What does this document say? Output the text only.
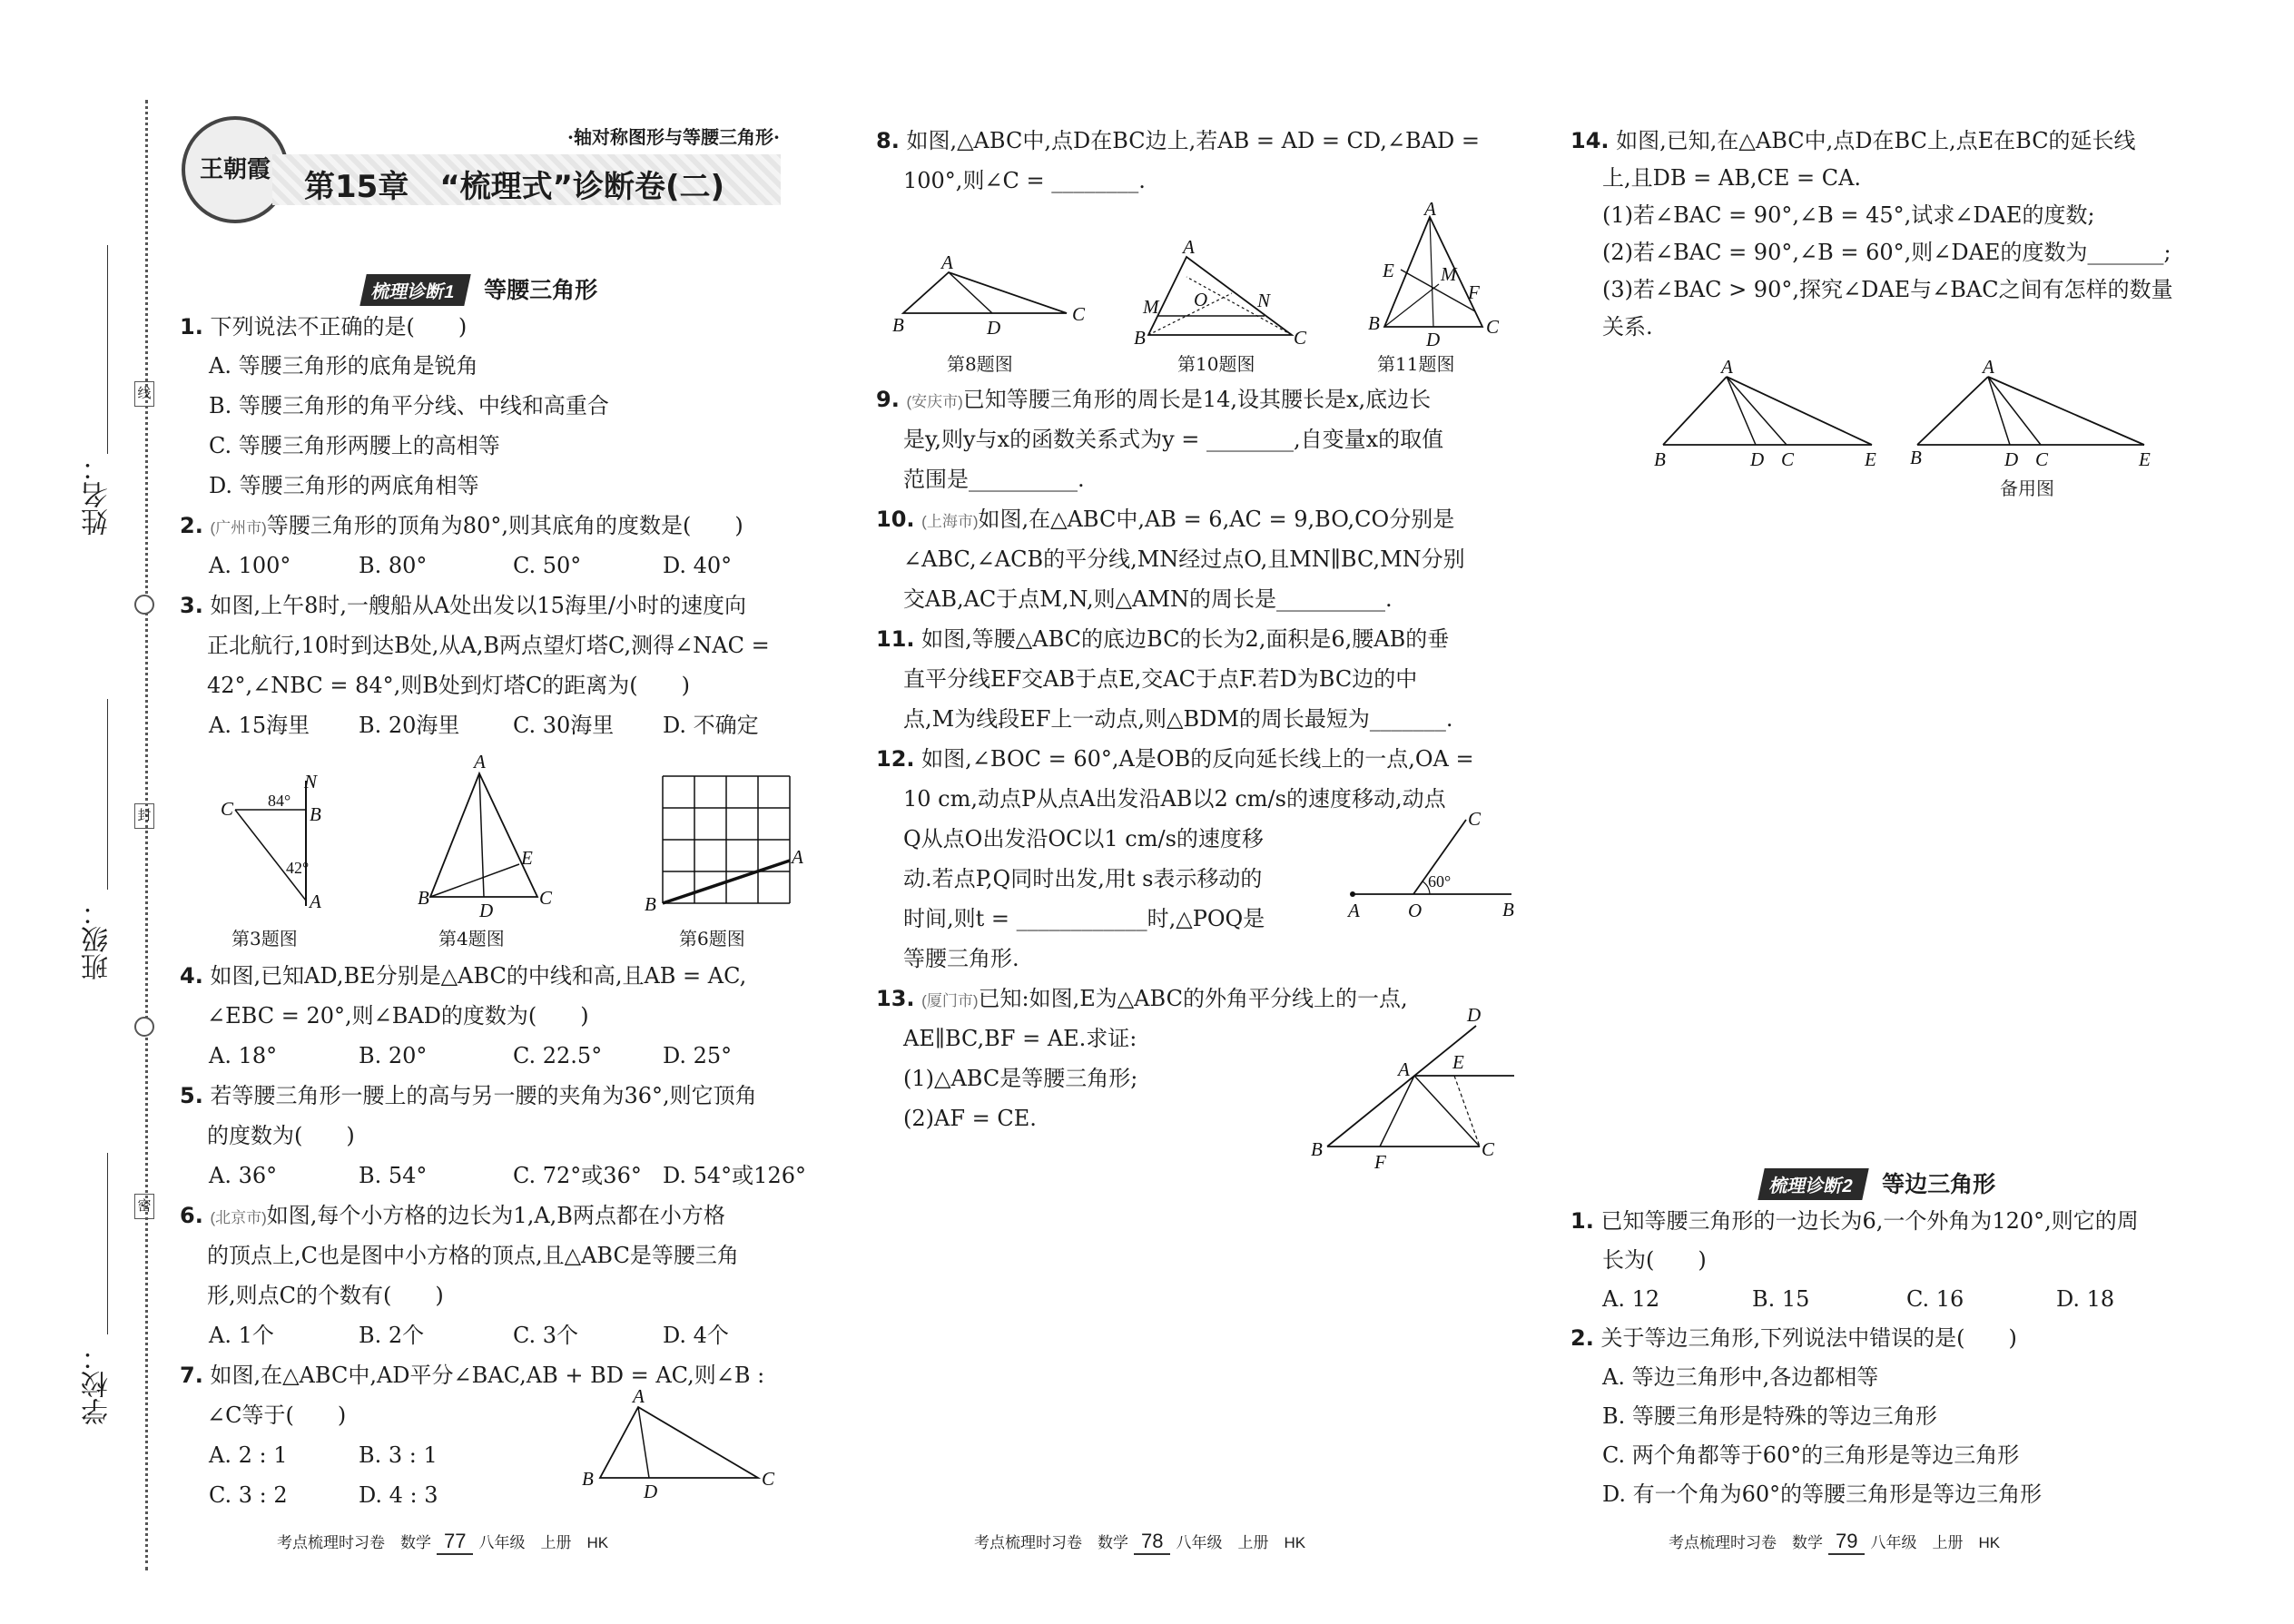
姓名：
班级：
学校：
线
封
密
王朝霞
·轴对称图形与等腰三角形·
第15章　“梳理式”诊断卷(二)
梳理诊断1 等腰三角形
1. 下列说法不正确的是(　　)
A. 等腰三角形的底角是锐角
B. 等腰三角形的角平分线、中线和高重合
C. 等腰三角形两腰上的高相等
D. 等腰三角形的两底角相等
2. (广州市)等腰三角形的顶角为80°,则其底角的度数是(　　)
A. 100°	B. 80°	C. 50°	D. 40°
3. 如图,上午8时,一艘船从A处出发以15海里/小时的速度向
正北航行,10时到达B处,从A,B两点望灯塔C,测得∠NAC =
42°,∠NBC = 84°,则B处到灯塔C的距离为(　　)
A. 15海里 B. 20海里 C. 30海里 D. 不确定
C
N
B
A
84°
42°
A
B	C
D
E
B
A
第3题图	第4题图	第6题图
4. 如图,已知AD,BE分别是△ABC的中线和高,且AB = AC,
∠EBC = 20°,则∠BAD的度数为(　　)
A. 18°	B. 20°	C. 22.5°	D. 25°
5. 若等腰三角形一腰上的高与另一腰的夹角为36°,则它顶角
的度数为(　　)
A. 36°	B. 54°	C. 72°或36° D. 54°或126°
6. (北京市)如图,每个小方格的边长为1,A,B两点都在小方格
的顶点上,C也是图中小方格的顶点,且△ABC是等腰三角
形,则点C的个数有(　　)
A. 1个	B. 2个	C. 3个	D. 4个
7. 如图,在△ABC中,AD平分∠BAC,AB + BD = AC,则∠B :
∠C等于(　　)
A. 2 : 1	B. 3 : 1
C. 3 : 2	D. 4 : 3
A
B	C
D
8. 如图,△ABC中,点D在BC边上,若AB = AD = CD,∠BAD =
100°,则∠C = ________.
A
B	C
D
A
B	C
M	N
O
A
B	C
D
E
F
M
第8题图	第10题图	第11题图
9. (安庆市)已知等腰三角形的周长是14,设其腰长是x,底边长
是y,则y与x的函数关系式为y = ________,自变量x的取值
范围是__________.
10. (上海市)如图,在△ABC中,AB = 6,AC = 9,BO,CO分别是
∠ABC,∠ACB的平分线,MN经过点O,且MN∥BC,MN分别
交AB,AC于点M,N,则△AMN的周长是__________.
11. 如图,等腰△ABC的底边BC的长为2,面积是6,腰AB的垂
直平分线EF交AB于点E,交AC于点F.若D为BC边的中
点,M为线段EF上一动点,则△BDM的周长最短为_______.
12. 如图,∠BOC = 60°,A是OB的反向延长线上的一点,OA =
10 cm,动点P从点A出发沿AB以2 cm/s的速度移动,动点
Q从点O出发沿OC以1 cm/s的速度移
动.若点P,Q同时出发,用t s表示移动的
时间,则t = ____________时,△POQ是
等腰三角形.
A	O	B
C
60°
13. (厦门市)已知:如图,E为△ABC的外角平分线上的一点,
AE∥BC,BF = AE.求证:
(1)△ABC是等腰三角形;
(2)AF = CE.
B	C
A E
F
D
14. 如图,已知,在△ABC中,点D在BC上,点E在BC的延长线
上,且DB = AB,CE = CA.
(1)若∠BAC = 90°,∠B = 45°,试求∠DAE的度数;
(2)若∠BAC = 90°,∠B = 60°,则∠DAE的度数为_______;
(3)若∠BAC > 90°,探究∠DAE与∠BAC之间有怎样的数量
关系.
A
B	D C	E
A
B	D C	E
备用图
梳理诊断2 等边三角形
1. 已知等腰三角形的一边长为6,一个外角为120°,则它的周
长为(　　)
A. 12	B. 15	C. 16	D. 18
2. 关于等边三角形,下列说法中错误的是(　　)
A. 等边三角形中,各边都相等
B. 等腰三角形是特殊的等边三角形
C. 两个角都等于60°的三角形是等边三角形
D. 有一个角为60°的等腰三角形是等边三角形
考点梳理时习卷　数学 77 八年级　上册　HK	考点梳理时习卷　数学 78 八年级　上册　HK	考点梳理时习卷　数学 79 八年级　上册　HK
